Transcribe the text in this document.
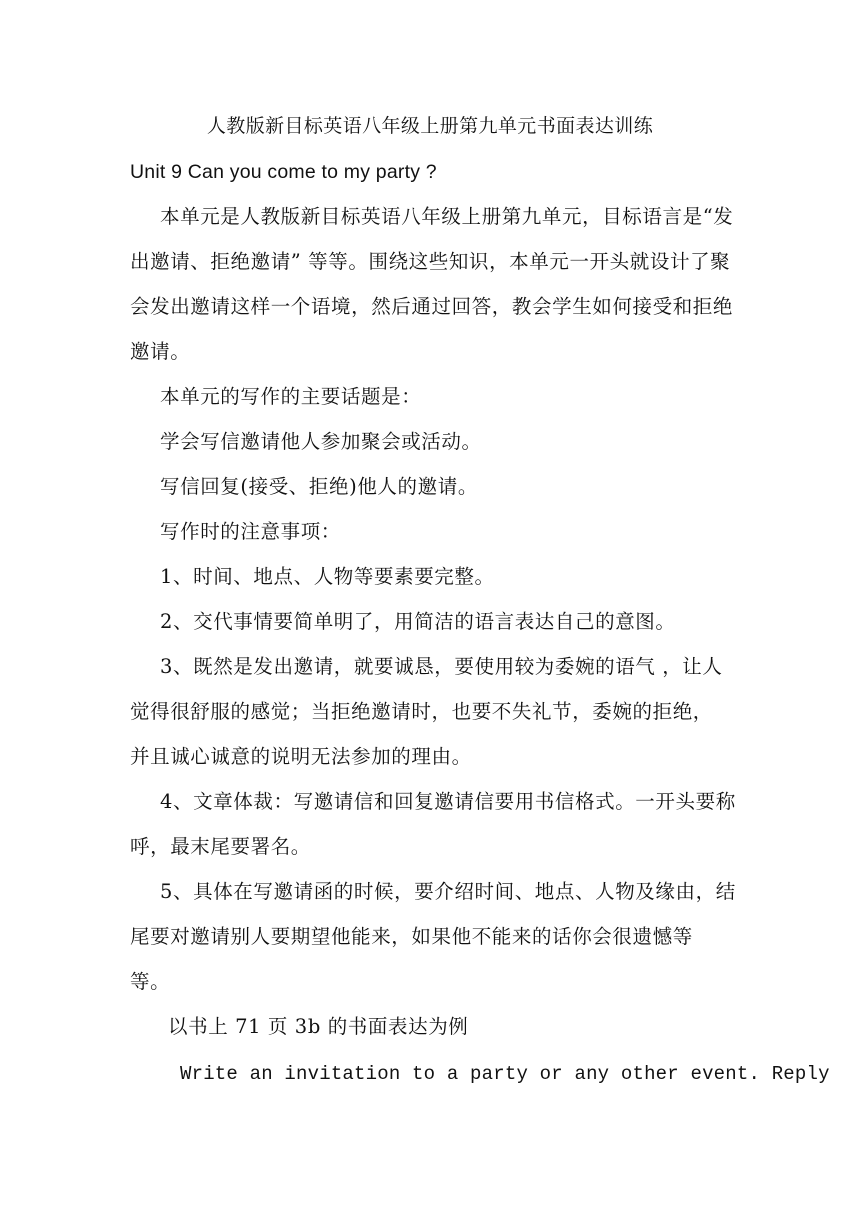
人教版新目标英语八年级上册第九单元书面表达训练
Unit 9 Can you come to my party ?
本单元是人教版新目标英语八年级上册第九单元，目标语言是“发
出邀请、拒绝邀请” 等等。围绕这些知识，本单元一开头就设计了聚
会发出邀请这样一个语境，然后通过回答，教会学生如何接受和拒绝
邀请。
本单元的写作的主要话题是：
学会写信邀请他人参加聚会或活动。
写信回复(接受、拒绝)他人的邀请。
写作时的注意事项：
1、时间、地点、人物等要素要完整。
2、交代事情要简单明了，用简洁的语言表达自己的意图。
3、既然是发出邀请，就要诚恳，要使用较为委婉的语气 ，让人
觉得很舒服的感觉；当拒绝邀请时，也要不失礼节，委婉的拒绝，
并且诚心诚意的说明无法参加的理由。
4、文章体裁：写邀请信和回复邀请信要用书信格式。一开头要称
呼，最末尾要署名。
5、具体在写邀请函的时候，要介绍时间、地点、人物及缘由，结
尾要对邀请别人要期望他能来，如果他不能来的话你会很遗憾等
等。
以书上 71 页 3b 的书面表达为例
Write an invitation to a party or any other event. Reply
